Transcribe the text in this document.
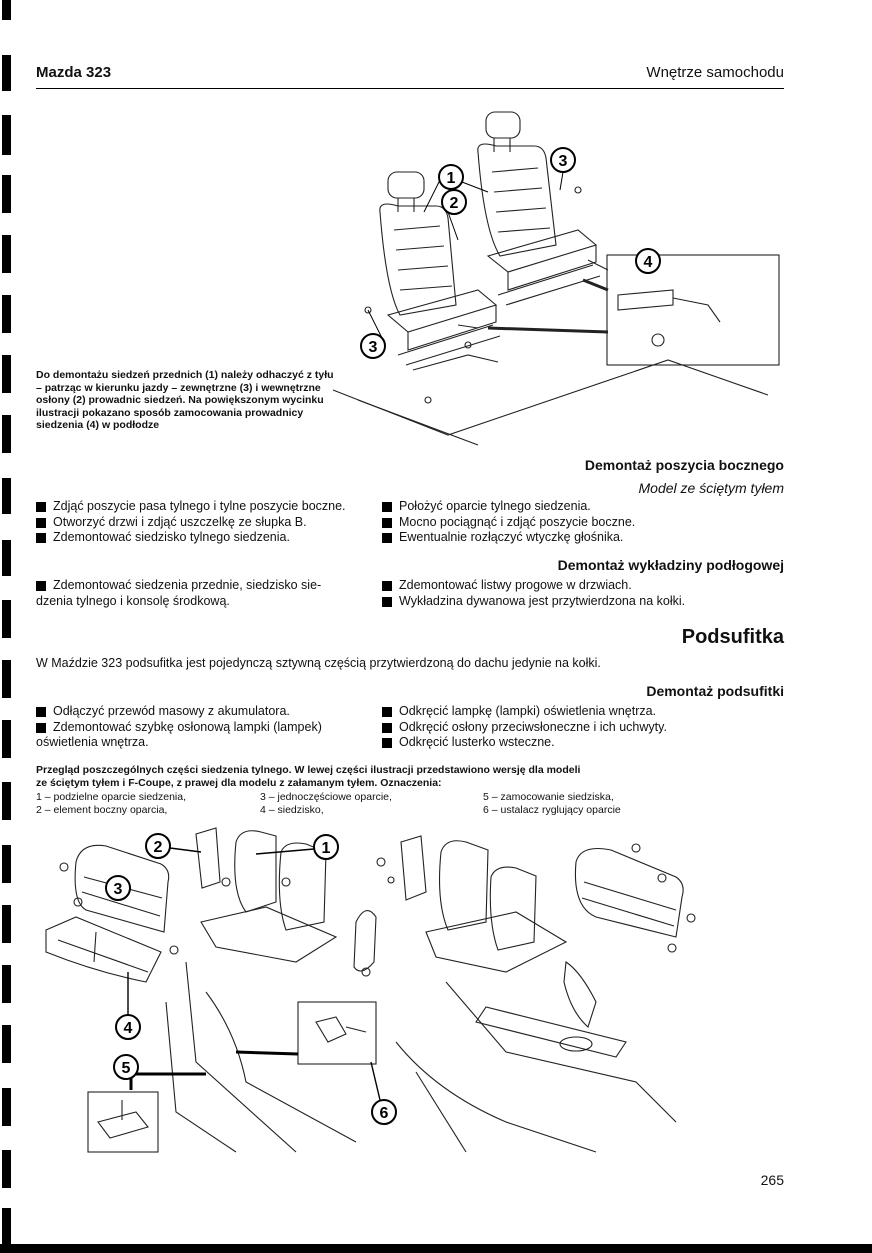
Mazda 323	Wnętrze samochodu
1
2
3
4
3
Do demontażu siedzeń przednich (1) należy odhaczyć z tyłu – patrząc w kierunku jazdy – zewnętrzne (3) i wewnętrzne osłony (2) prowadnic siedzeń. Na powiększonym wycinku ilustracji pokazano sposób zamocowania prowadnicy siedzenia (4) w podłodze
Demontaż poszycia bocznego
Model ze ściętym tyłem
Zdjąć poszycie pasa tylnego i tylne poszycie boczne.
Otworzyć drzwi i zdjąć uszczelkę ze słupka B.
Zdemontować siedzisko tylnego siedzenia.
Położyć oparcie tylnego siedzenia.
Mocno pociągnąć i zdjąć poszycie boczne.
Ewentualnie rozłączyć wtyczkę głośnika.
Demontaż wykładziny podłogowej
Zdemontować siedzenia przednie, siedzisko sie-
dzenia tylnego i konsolę środkową.
Zdemontować listwy progowe w drzwiach.
Wykładzina dywanowa jest przytwierdzona na kołki.
Podsufitka
W Maździe 323 podsufitka jest pojedynczą sztywną częścią przytwierdzoną do dachu jedynie na kołki.
Demontaż podsufitki
Odłączyć przewód masowy z akumulatora.
Zdemontować szybkę osłonową lampki (lampek)
oświetlenia wnętrza.
Odkręcić lampkę (lampki) oświetlenia wnętrza.
Odkręcić osłony przeciwsłoneczne i ich uchwyty.
Odkręcić lusterko wsteczne.
Przegląd poszczególnych części siedzenia tylnego. W lewej części ilustracji przedstawiono wersję dla modeli
ze ściętym tyłem i F-Coupe, z prawej dla modelu z załamanym tyłem. Oznaczenia:
1 – podzielne oparcie siedzenia,	3 – jednoczęściowe oparcie,	5 – zamocowanie siedziska,
2 – element boczny oparcia,	4 – siedzisko,	6 – ustalacz ryglujący oparcie
2	1
3
4
5
6
265
